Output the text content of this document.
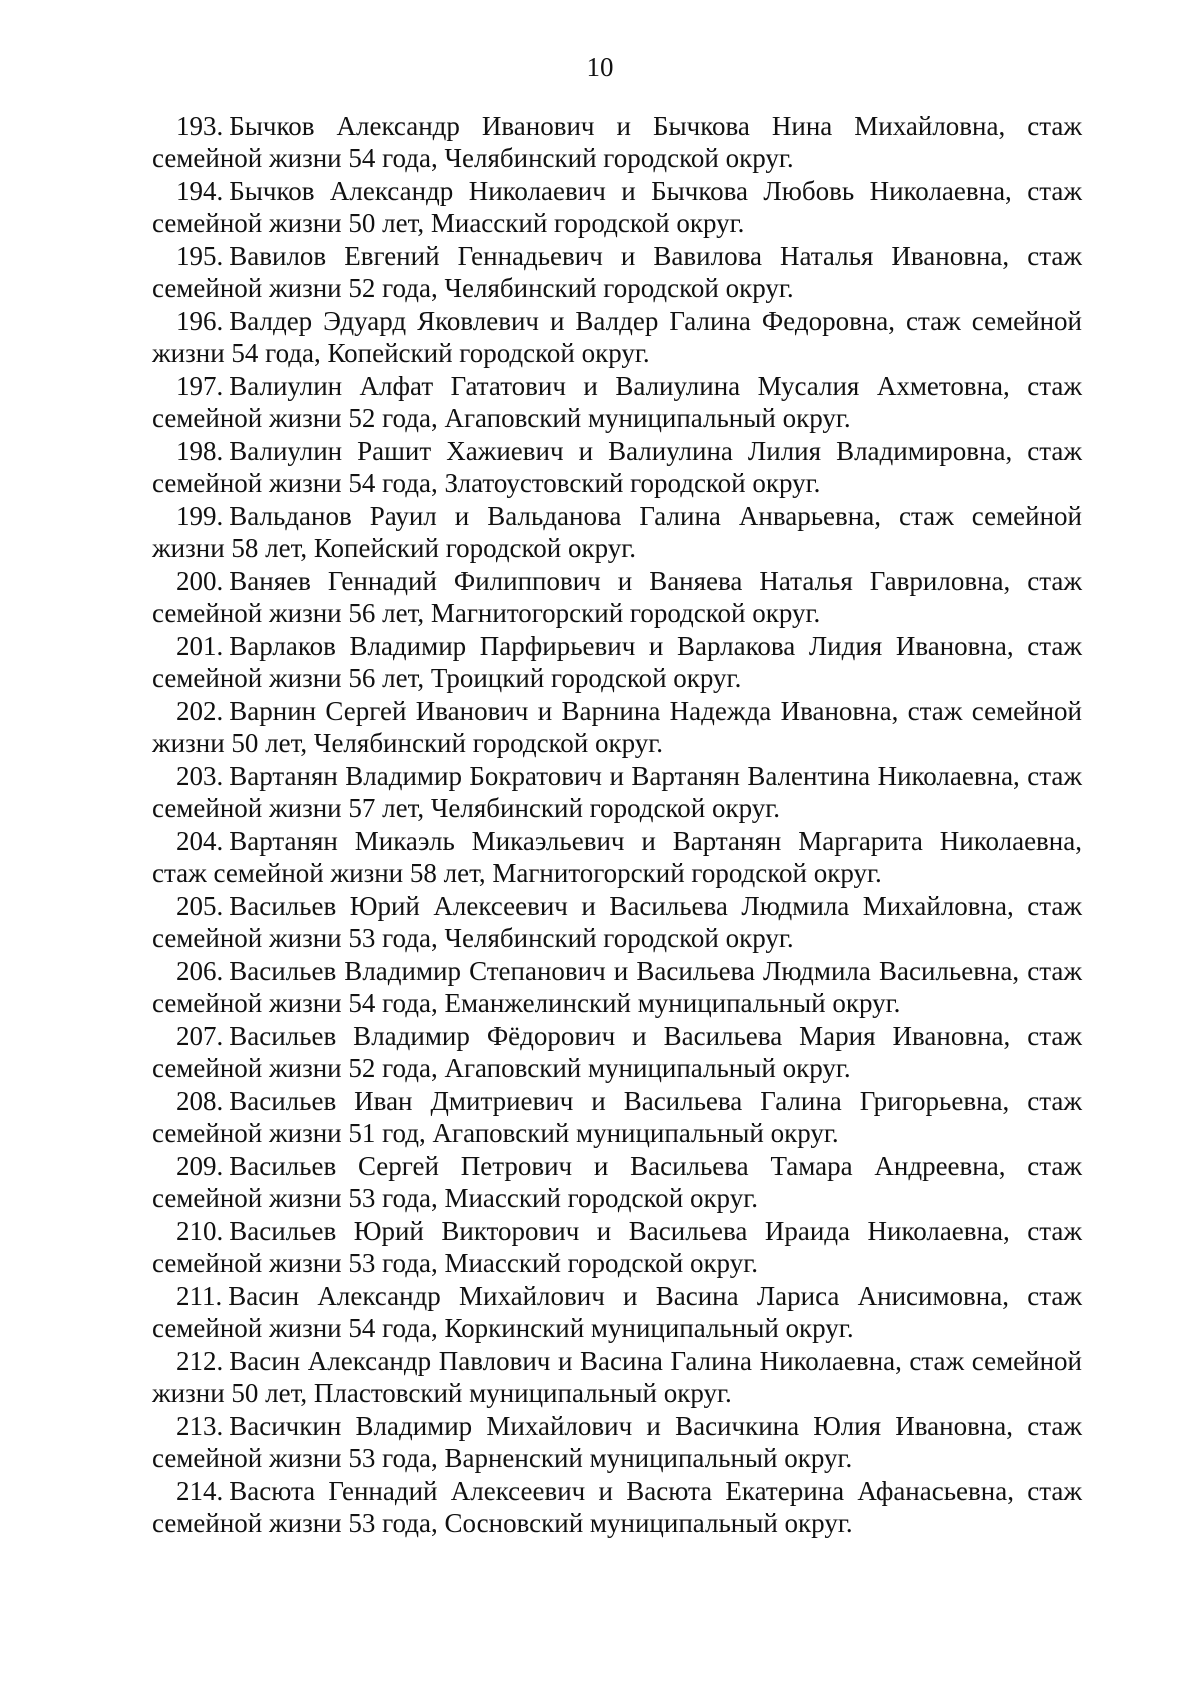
10

193. Бычков Александр Иванович и Бычкова Нина Михайловна, стаж семейной жизни 54 года, Челябинский городской округ.

194. Бычков Александр Николаевич и Бычкова Любовь Николаевна, стаж семейной жизни 50 лет, Миасский городской округ.

195. Вавилов Евгений Геннадьевич и Вавилова Наталья Ивановна, стаж семейной жизни 52 года, Челябинский городской округ.

196. Валдер Эдуард Яковлевич и Валдер Галина Федоровна, стаж семейной жизни 54 года, Копейский городской округ.

197. Валиулин Алфат Гататович и Валиулина Мусалия Ахметовна, стаж семейной жизни 52 года, Агаповский муниципальный округ.

198. Валиулин Рашит Хажиевич и Валиулина Лилия Владимировна, стаж семейной жизни 54 года, Златоустовский городской округ.

199. Вальданов Рауил и Вальданова Галина Анварьевна, стаж семейной жизни 58 лет, Копейский городской округ.

200. Ваняев Геннадий Филиппович и Ваняева Наталья Гавриловна, стаж семейной жизни 56 лет, Магнитогорский городской округ.

201. Варлаков Владимир Парфирьевич и Варлакова Лидия Ивановна, стаж семейной жизни 56 лет, Троицкий городской округ.

202. Варнин Сергей Иванович и Варнина Надежда Ивановна, стаж семейной жизни 50 лет, Челябинский городской округ.

203. Вартанян Владимир Бократович и Вартанян Валентина Николаевна, стаж семейной жизни 57 лет, Челябинский городской округ.

204. Вартанян Микаэль Микаэльевич и Вартанян Маргарита Николаевна, стаж семейной жизни 58 лет, Магнитогорский городской округ.

205. Васильев Юрий Алексеевич и Васильева Людмила Михайловна, стаж семейной жизни 53 года, Челябинский городской округ.

206. Васильев Владимир Степанович и Васильева Людмила Васильевна, стаж семейной жизни 54 года, Еманжелинский муниципальный округ.

207. Васильев Владимир Фёдорович и Васильева Мария Ивановна, стаж семейной жизни 52 года, Агаповский муниципальный округ.

208. Васильев Иван Дмитриевич и Васильева Галина Григорьевна, стаж семейной жизни 51 год, Агаповский муниципальный округ.

209. Васильев Сергей Петрович и Васильева Тамара Андреевна, стаж семейной жизни 53 года, Миасский городской округ.

210. Васильев Юрий Викторович и Васильева Ираида Николаевна, стаж семейной жизни 53 года, Миасский городской округ.

211. Васин Александр Михайлович и Васина Лариса Анисимовна, стаж семейной жизни 54 года, Коркинский муниципальный округ.

212. Васин Александр Павлович и Васина Галина Николаевна, стаж семейной жизни 50 лет, Пластовский муниципальный округ.

213. Васичкин Владимир Михайлович и Васичкина Юлия Ивановна, стаж семейной жизни 53 года, Варненский муниципальный округ.

214. Васюта Геннадий Алексеевич и Васюта Екатерина Афанасьевна, стаж семейной жизни 53 года, Сосновский муниципальный округ.
